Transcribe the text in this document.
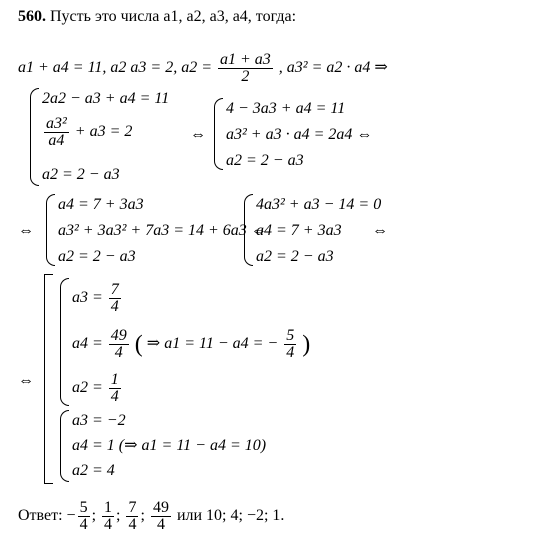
560. Пусть это числа a1, a2, a3, a4, тогда:
a1 + a4 = 11, a2 a3 = 2, $a2 = \frac{a1 + a3}{2}$ , a3² = a2 · a4 ⇒
2a2 − a3 + a4 = 11
$\frac{\text{a3²}}{a4} + a3 = 2$
a2 = 2 − a3
⇔
4 − 3a3 + a4 = 11
a3² + a3 · a4 = 2a4 ⇔
a2 = 2 − a3
⇔
a4 = 7 + 3a3
a3² + 3a3² + 7a3 = 14 + 6a3 ⇔
a2 = 2 − a3
4a3² + a3 − 14 = 0
a4 = 7 + 3a3
a2 = 2 − a3
⇔
⇔
$a3 = \frac{7}{4}$
$a4 = \frac{49}{4}$ ( ⇒ a1 = 11 − a4 = − $\frac{5}{4}$ )
$a2 = \frac{1}{4}$
a3 = −2
a4 = 1 (⇒ a1 = 11 − a4 = 10)
a2 = 4
Ответ: − $\frac{5}{4}$ ; $\frac{1}{4}$ ; $\frac{7}{4}$ ; $\frac{49}{4}$ или 10; 4; −2; 1.
